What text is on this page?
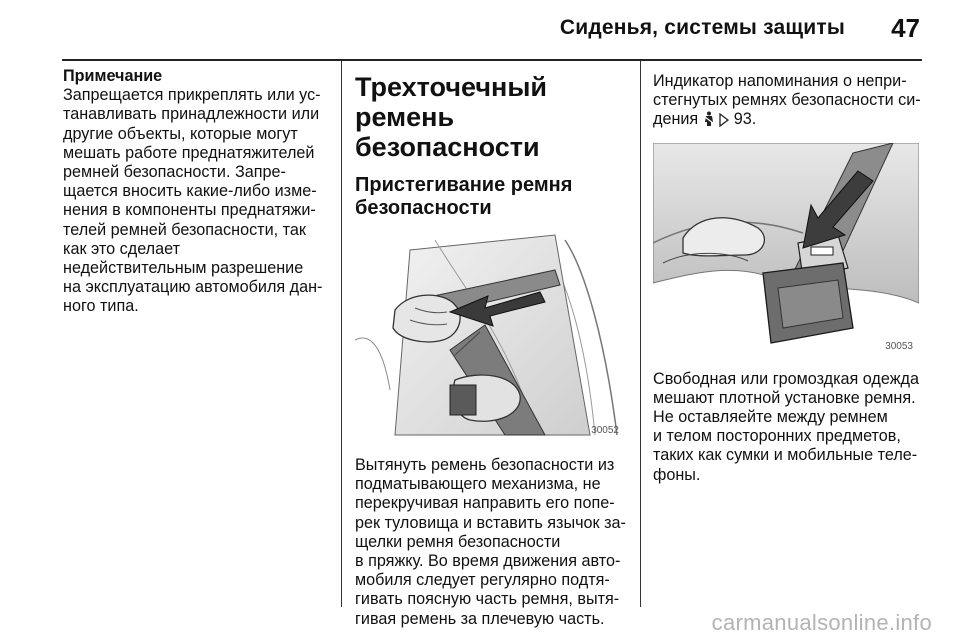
Сиденья, системы защиты 47
Примечание
Запрещается прикреплять или ус-
танавливать принадлежности или
другие объекты, которые могут
мешать работе преднатяжителей
ремней безопасности. Запре-
щается вносить какие-либо изме-
нения в компоненты преднатяжи-
телей ремней безопасности, так
как это сделает
недействительным разрешение
на эксплуатацию автомобиля дан-
ного типа.
Трехточечный ремень
безопасности
Пристегивание ремня
безопасности
30052
Вытянуть ремень безопасности из
подматывающего механизма, не
перекручивая направить его попе-
рек туловища и вставить язычок за-
щелки ремня безопасности
в пряжку. Во время движения авто-
мобиля следует регулярно подтя-
гивать поясную часть ремня, вытя-
гивая ремень за плечевую часть.
Индикатор напоминания о непри-
стегнутых ремнях безопасности си-
дения 93.
30053
Свободная или громоздкая одежда
мешают плотной установке ремня.
Не оставляейте между ремнем
и телом посторонних предметов,
таких как сумки и мобильные теле-
фоны.
carmanualsonline.info
